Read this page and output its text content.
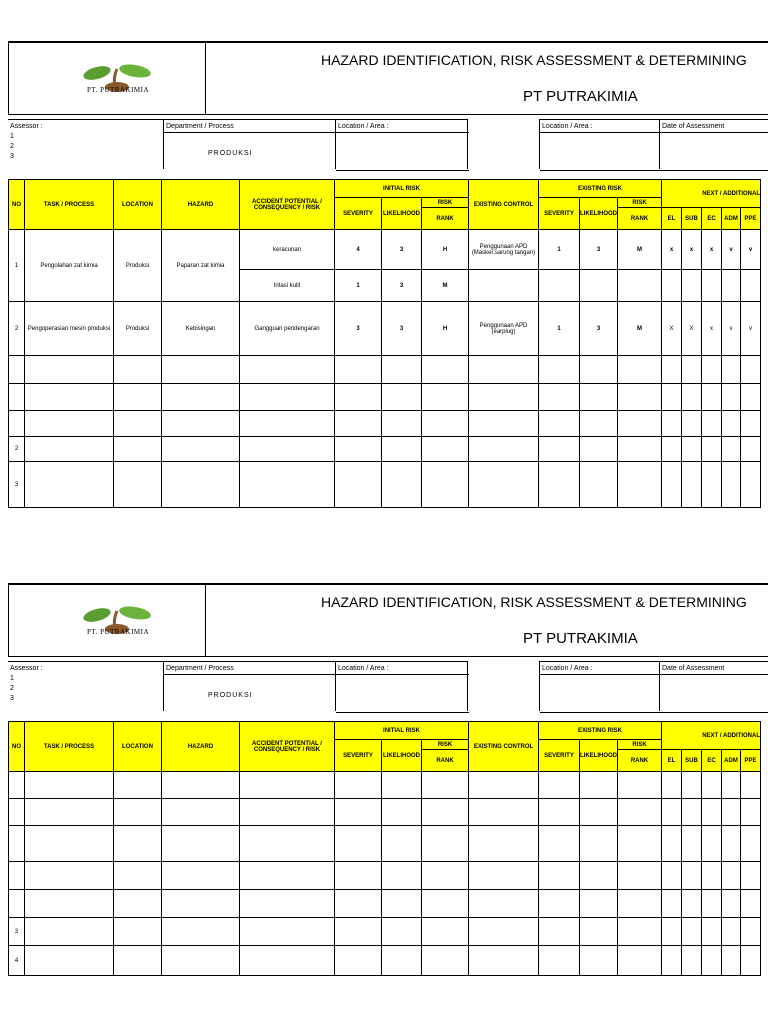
PT. PUTRAKIMIA
HAZARD IDENTIFICATION, RISK ASSESSMENT & DETERMINING
PT PUTRAKIMIA
Assessor :
1
2
3
Department / Process
PRODUKSI
Location / Area :	Location / Area :	Date of Assessment
NO	TASK / PROCESS	LOCATION	HAZARD	ACCIDENT POTENTIAL / CONSEQUENCY / RISK	INITIAL RISK			EXISTING CONTROL	EXISTING RISK			NEXT / ADDITIONAL				
					SEVERITY	LIKELIHOOD	RISK		SEVERITY	LIKELIHOOD	RISK					
							RANK				RANK	EL	SUB	EC	ADM	PPE
1	Pengolahan zat kimia	Produksi	Paparan zat kimia	keracunan	4	3	H	Penggunaan APD (Masker,sarung tangan)	1	3	M	x	x	x	v	v
				Iritasi kulit	1	3	M									
2	Pengoperasian mesin produksi	Produksi	Kebisingan	Gangguan pendengaran	3	3	H	Penggunaan APD (earplug)	1	3	M	X	X	x	v	v

2																
3																
PT. PUTRAKIMIA
HAZARD IDENTIFICATION, RISK ASSESSMENT & DETERMINING
PT PUTRAKIMIA
Assessor :
1
2
3
Department / Process
PRODUKSI
Location / Area :	Location / Area :	Date of Assessment
NO	TASK / PROCESS	LOCATION	HAZARD	ACCIDENT POTENTIAL / CONSEQUENCY / RISK	INITIAL RISK			EXISTING CONTROL	EXISTING RISK			NEXT / ADDITIONAL				
					SEVERITY	LIKELIHOOD	RISK		SEVERITY	LIKELIHOOD	RISK					
							RANK				RANK	EL	SUB	EC	ADM	PPE

3																
4																
